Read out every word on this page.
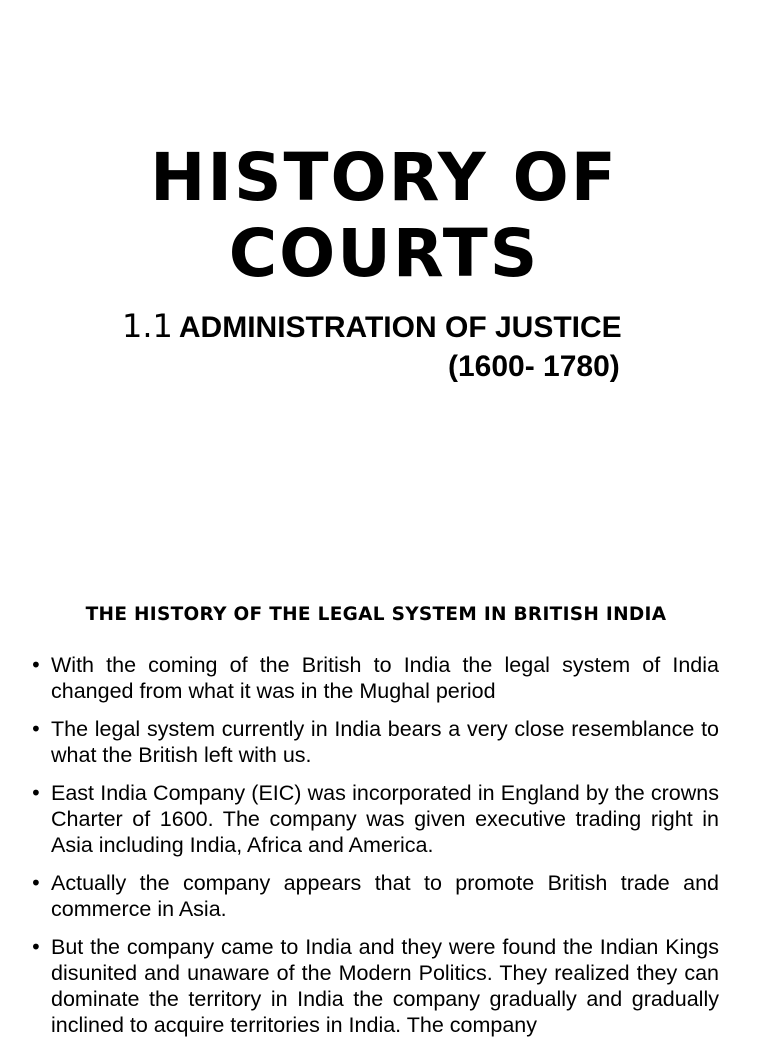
HISTORY OF
COURTS

1.1 ADMINISTRATION OF JUSTICE

(1600- 1780)

THE HISTORY OF THE LEGAL SYSTEM IN BRITISH INDIA
• With the coming of the British to India the legal system of India changed from what it was in the Mughal period
• The legal system currently in India bears a very close resemblance to what the British left with us.
• East India Company (EIC) was incorporated in England by the crowns Charter of 1600. The company was given executive trading right in Asia including India, Africa and America.
• Actually the company appears that to promote British trade and commerce in Asia.
• But the company came to India and they were found the Indian Kings disunited and unaware of the Modern Politics. They realized they can dominate the territory in India the company gradually and gradually inclined to acquire territories in India. The company
